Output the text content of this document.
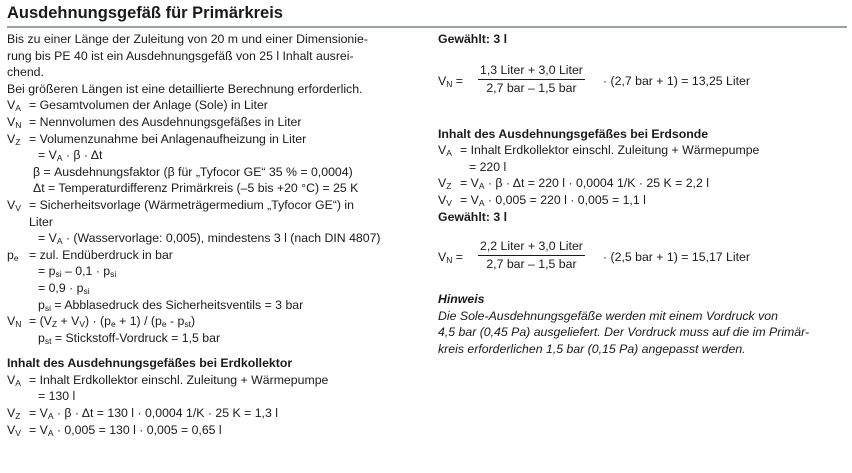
Ausdehnungsgefäß für Primärkreis
Bis zu einer Länge der Zuleitung von 20 m und einer Dimensionie-
rung bis PE 40 ist ein Ausdehnungsgefäß von 25 l Inhalt ausrei-
chend.
Bei größeren Längen ist eine detaillierte Berechnung erforderlich.
$V_A$ = Gesamtvolumen der Anlage (Sole) in Liter
$V_N$ = Nennvolumen des Ausdehnungsgefäßes in Liter
$V_Z$ = Volumenzunahme bei Anlagenaufheizung in Liter
= $V_A \cdot \beta \cdot \Delta t$
β = Ausdehnungsfaktor (β für „Tyfocor GE“ 35 % = 0,0004)
Δt = Temperaturdifferenz Primärkreis (–5 bis +20 °C) = 25 K
$V_V$ = Sicherheitsvorlage (Wärmeträgermedium „Tyfocor GE“) in
Liter
= $V_A$ · (Wasservorlage: 0,005), mindestens 3 l (nach DIN 4807)
$p_e$ = zul. Endüberdruck in bar
= $p_{si} - 0,1 \cdot p_{si}$
= $0,9 \cdot p_{si}$
$p_{si}$ = Abblasedruck des Sicherheitsventils = 3 bar
$V_N = (V_Z + V_V) \cdot (p_e + 1) / (p_e - p_{st})$
$p_{st}$ = Stickstoff-Vordruck = 1,5 bar
Inhalt des Ausdehnungsgefäßes bei Erdkollektor
$V_A$ = Inhalt Erdkollektor einschl. Zuleitung + Wärmepumpe
= 130 l
$V_Z = V_A \cdot \beta \cdot \Delta t = 130$ l · 0,0004 1/K · 25 K = 1,3 l
$V_V = V_A \cdot 0,005 = 130$ l · 0,005 = 0,65 l
Gewählt: 3 l
$V_N$ =
1,3 Liter + 3,0 Liter
2,7 bar – 1,5 bar	· (2,7 bar + 1) = 13,25 Liter
Inhalt des Ausdehnungsgefäßes bei Erdsonde
$V_A$ = Inhalt Erdkollektor einschl. Zuleitung + Wärmepumpe
= 220 l
$V_Z = V_A \cdot \beta \cdot \Delta t = 220$ l · 0,0004 1/K · 25 K = 2,2 l
$V_V = V_A \cdot 0,005 = 220$ l · 0,005 = 1,1 l
Gewählt: 3 l
$V_N$ =
2,2 Liter + 3,0 Liter
2,7 bar – 1,5 bar	· (2,5 bar + 1) = 15,17 Liter
Hinweis
Die Sole-Ausdehnungsgefäße werden mit einem Vordruck von
4,5 bar (0,45 Pa) ausgeliefert. Der Vordruck muss auf die im Primär-
kreis erforderlichen 1,5 bar (0,15 Pa) angepasst werden.
